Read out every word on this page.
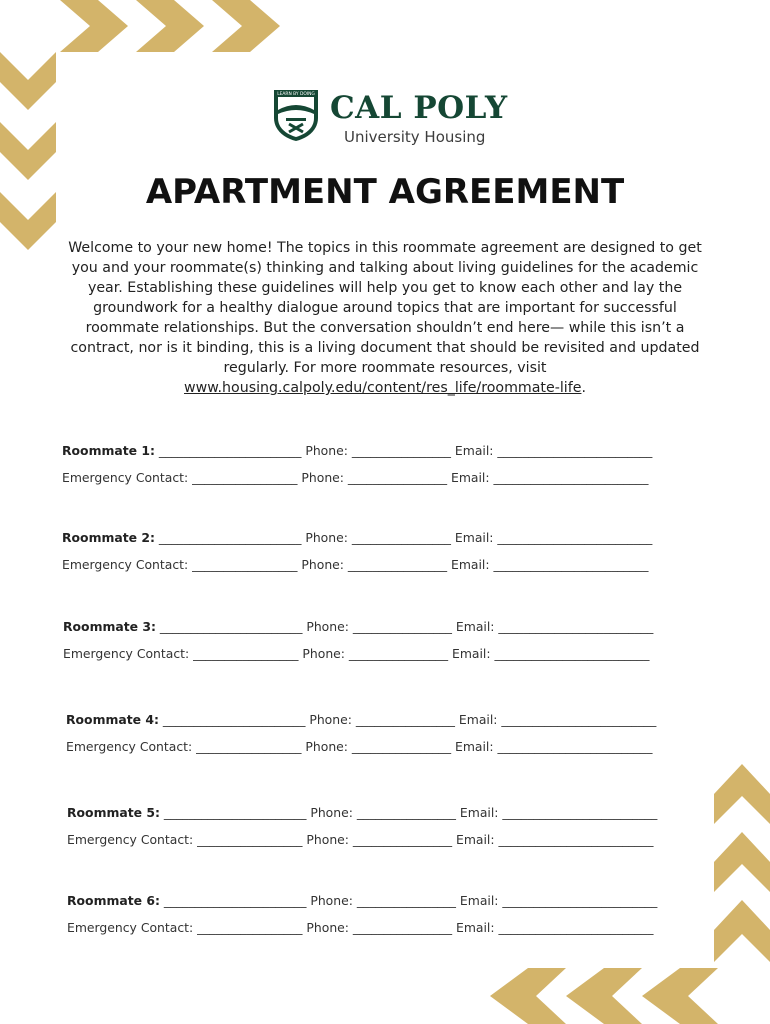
LEARN BY DOING CAL POLY
University Housing
APARTMENT AGREEMENT
Welcome to your new home! The topics in this roommate agreement are designed to get you and your roommate(s) thinking and talking about living guidelines for the academic year. Establishing these guidelines will help you get to know each other and lay the groundwork for a healthy dialogue around topics that are important for successful roommate relationships. But the conversation shouldn’t end here— while this isn’t a contract, nor is it binding, this is a living document that should be revisited and updated regularly. For more roommate resources, visit www.housing.calpoly.edu/content/res_life/roommate-life.
Roommate 1: _______________________ Phone: ________________ Email: _________________________
Emergency Contact: _________________ Phone: ________________ Email: _________________________
Roommate 2: _______________________ Phone: ________________ Email: _________________________
Emergency Contact: _________________ Phone: ________________ Email: _________________________
Roommate 3: _______________________ Phone: ________________ Email: _________________________
Emergency Contact: _________________ Phone: ________________ Email: _________________________
Roommate 4: _______________________ Phone: ________________ Email: _________________________
Emergency Contact: _________________ Phone: ________________ Email: _________________________
Roommate 5: _______________________ Phone: ________________ Email: _________________________
Emergency Contact: _________________ Phone: ________________ Email: _________________________
Roommate 6: _______________________ Phone: ________________ Email: _________________________
Emergency Contact: _________________ Phone: ________________ Email: _________________________
